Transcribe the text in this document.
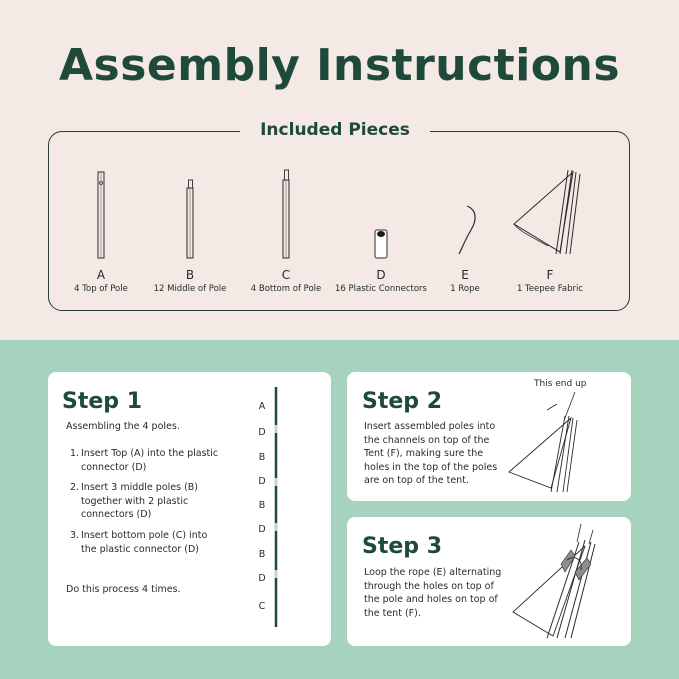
Assembly Instructions
Included Pieces
A
4 Top of Pole
B
12 Middle of Pole
C
4 Bottom of Pole
D
16 Plastic Connectors
E
1 Rope
F
1 Teepee Fabric
Step 1
Assembling the 4 poles.
1. Insert Top (A) into the plastic connector (D)
2. Insert 3 middle poles (B) together with 2 plastic connectors (D)
3. Insert bottom pole (C) into the plastic connector (D)
Do this process 4 times.
A
D
B
D
B
D
B
D
C
Step 2
Insert assembled poles into the channels on top of the Tent (F), making sure the holes in the top of the poles are on top of the tent.
This end up
Step 3
Loop the rope (E) alternating through the holes on top of the pole and holes on top of the tent (F).
